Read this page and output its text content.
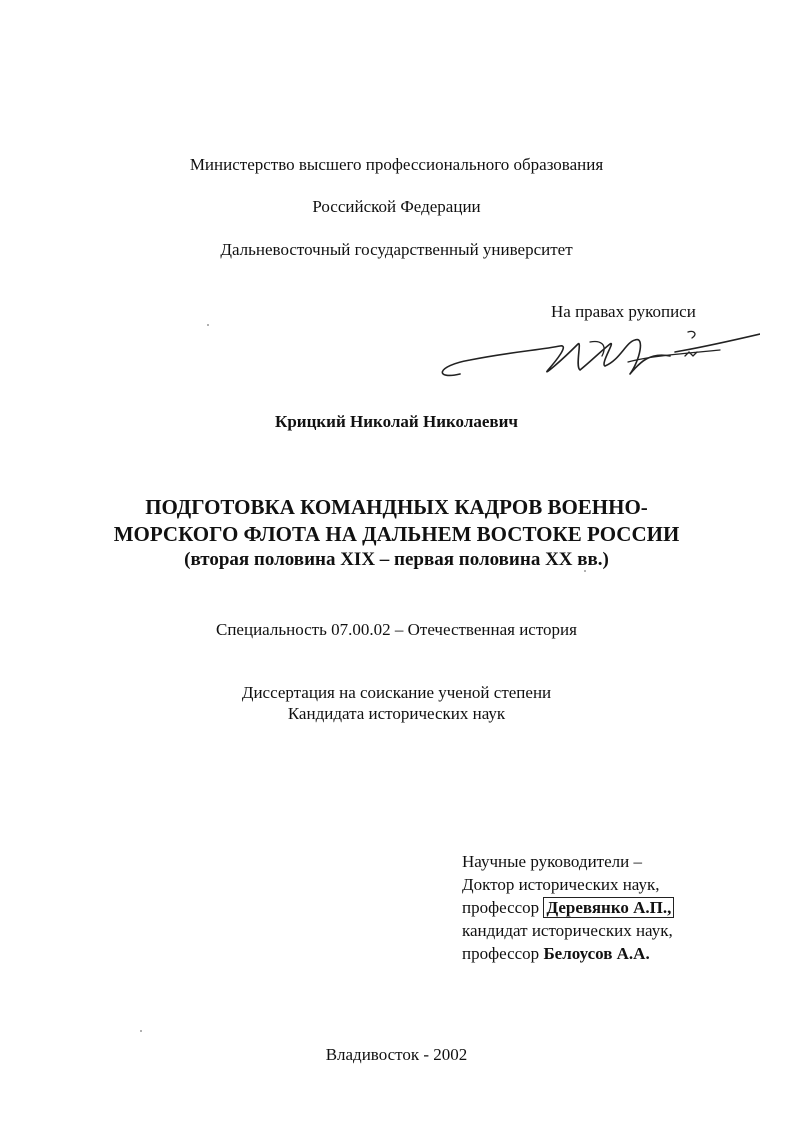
Министерство высшего профессионального образования
Российской Федерации
Дальневосточный государственный университет
На правах рукописи
Крицкий Николай Николаевич
ПОДГОТОВКА КОМАНДНЫХ КАДРОВ ВОЕННО-
МОРСКОГО ФЛОТА НА ДАЛЬНЕМ ВОСТОКЕ РОССИИ
(вторая половина XIX – первая половина XX вв.)
Специальность 07.00.02 – Отечественная история
Диссертация на соискание ученой степени
Кандидата исторических наук
Научные руководители –
Доктор исторических наук,
профессор Деревянко А.П.,
кандидат исторических наук,
профессор Белоусов А.А.
Владивосток - 2002
